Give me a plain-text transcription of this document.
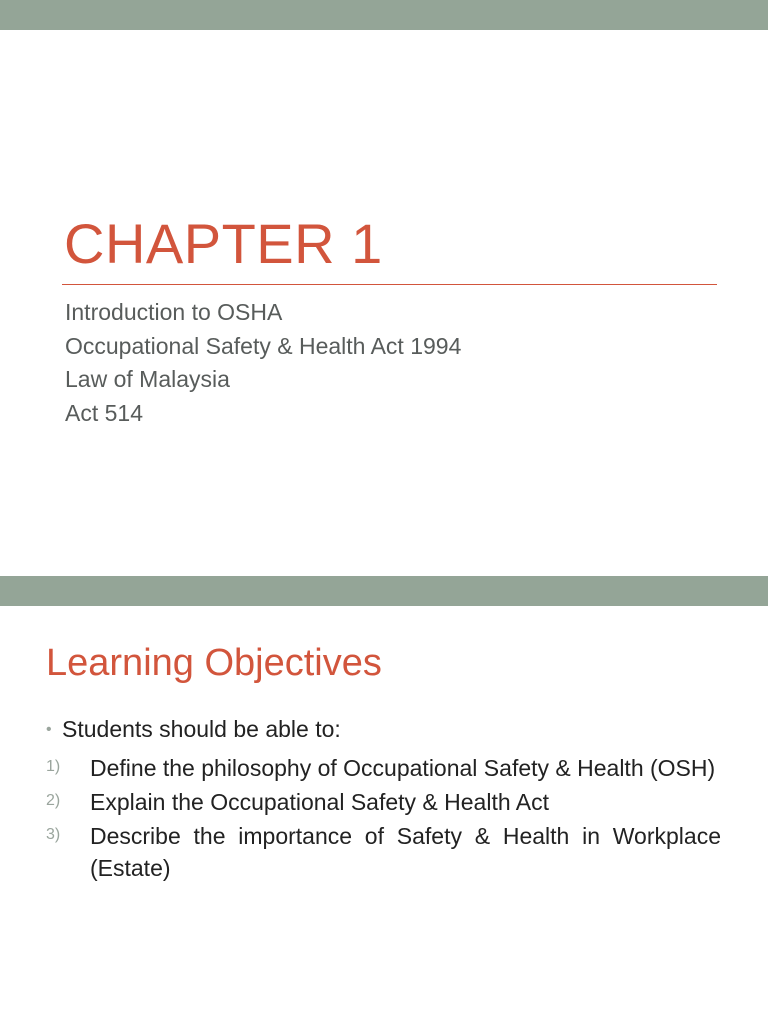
CHAPTER 1
Introduction to OSHA
Occupational Safety & Health Act 1994
Law of Malaysia
Act 514
Learning Objectives
• Students should be able to:
1) Define the philosophy of Occupational Safety & Health (OSH)
2) Explain the Occupational Safety & Health Act
3) Describe the importance of Safety & Health in Workplace (Estate)
